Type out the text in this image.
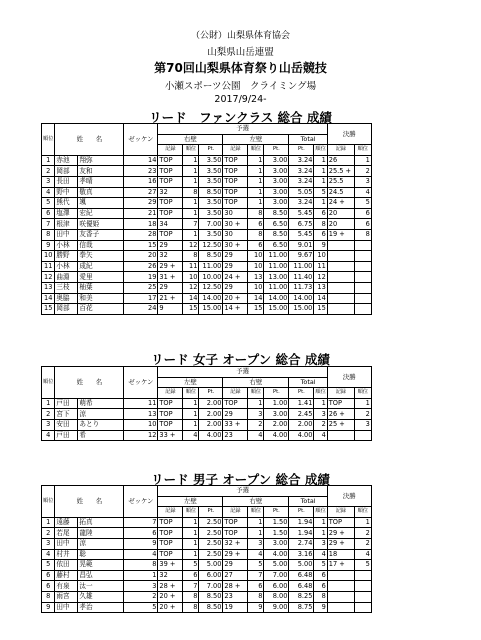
（公財）山梨県体育協会
山梨県山岳連盟
第70回山梨県体育祭り山岳競技
小瀬スポーツ公園　クライミング場
2017/9/24-
リード　ファンクラス 総合 成績
順位	姓　　名		ゼッケン	予選								決勝	
				右壁			左壁			Total			
				記録	順位	Pt.	記録	順位	Pt.	Pt.	順位	記録	順位
1	赤池	翔弥	14	TOP	1	3.50	TOP	1	3.00	3.24	1	26	1
2	岡部	友和	23	TOP	1	3.50	TOP	1	3.00	3.24	1	25.5 +	2
3	長田	孝晴	16	TOP	1	3.50	TOP	1	3.00	3.24	1	25.5	3
4	野中	敬真	27	32	8	8.50	TOP	1	3.00	5.05	5	24.5	4
5	熊代	颯	29	TOP	1	3.50	TOP	1	3.00	3.24	1	24 +	5
6	塩澤	宏紀	21	TOP	1	3.50	30	8	8.50	5.45	6	20	6
7	根津	咲優姫	18	34	7	7.00	30 +	6	6.50	6.75	8	20	6
8	田中	友香子	28	TOP	1	3.50	30	8	8.50	5.45	6	19 +	8
9	小林	信哉	15	29	12	12.50	30 +	6	6.50	9.01	9		
10	勝野	拳矢	20	32	8	8.50	29	10	11.00	9.67	10		
11	小林	成紀	26	29 +	11	11.00	29	10	11.00	11.00	11		
12	曲淵	愛里	19	31 +	10	10.00	24 +	13	13.00	11.40	12		
13	三枝	柚葉	25	29	12	12.50	29	10	11.00	11.73	13		
14	奥脇	和美	17	21 +	14	14.00	20 +	14	14.00	14.00	14		
15	岡部	百花	24	9	15	15.00	14 +	15	15.00	15.00	15		
リード 女子 オープン 総合 成績
順位	姓　　名		ゼッケン	予選								決勝	
				左壁			右壁			Total			
				記録	順位	Pt.	記録	順位	Pt.	Pt.	順位	記録	順位
1	戸田	萌希	11	TOP	1	2.00	TOP	1	1.00	1.41	1	TOP	1
2	宮下	涼	13	TOP	1	2.00	29	3	3.00	2.45	3	26 +	2
3	安田	あとり	10	TOP	1	2.00	33 +	2	2.00	2.00	2	25 +	3
4	戸田	希	12	33 +	4	4.00	23	4	4.00	4.00	4		
リード 男子 オープン 総合 成績
順位	姓　　名		ゼッケン	予選								決勝	
				左壁			右壁			Total			
				記録	順位	Pt.	記録	順位	Pt.	Pt.	順位	記録	順位
1	遠藤	拓真	7	TOP	1	2.50	TOP	1	1.50	1.94	1	TOP	1
2	若尾	龍陸	6	TOP	1	2.50	TOP	1	1.50	1.94	1	29 +	2
3	田中	涼	9	TOP	1	2.50	32 +	3	3.00	2.74	3	29 +	2
4	村井	聡	4	TOP	1	2.50	29 +	4	4.00	3.16	4	18	4
5	依田	晃範	8	39 +	5	5.00	29	5	5.00	5.00	5	17 +	5
6	藤村	昌弘	1	32	6	6.00	27	7	7.00	6.48	6		
6	有泉	汰一	3	28 +	7	7.00	28 +	6	6.00	6.48	6		
8	雨宮	久雄	2	20 +	8	8.50	23	8	8.00	8.25	8		
9	田中	孝治	5	20 +	8	8.50	19	9	9.00	8.75	9		
